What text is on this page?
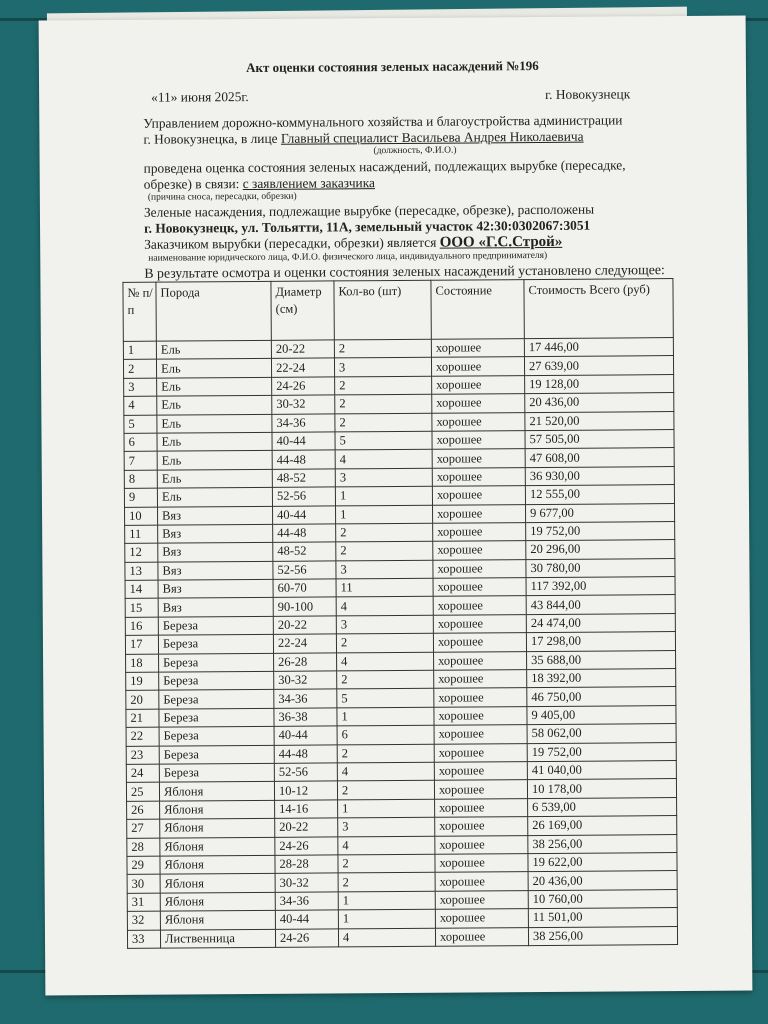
Акт оценки состояния зеленых насаждений №196
«11» июня 2025г.	г. Новокузнецк
Управлением дорожно-коммунального хозяйства и благоустройства администрации
г. Новокузнецка, в лице Главный специалист Васильева Андрея Николаевича
(должность, Ф.И.О.)
проведена оценка состояния зеленых насаждений, подлежащих вырубке (пересадке,
обрезке) в связи: с заявлением заказчика
(причина сноса, пересадки, обрезки)
Зеленые насаждения, подлежащие вырубке (пересадке, обрезке), расположены
г. Новокузнецк, ул. Тольятти, 11А, земельный участок 42:30:0302067:3051
Заказчиком вырубки (пересадки, обрезки) является ООО «Г.С.Строй»
наименование юридического лица, Ф.И.О. физического лица, индивидуального предпринимателя)
В результате осмотра и оценки состояния зеленых насаждений установлено следующее:
№ п/п	Порода	Диаметр (см)	Кол-во (шт)	Состояние	Стоимость Всего (руб)
1	Ель	20-22	2	хорошее	17 446,00
2	Ель	22-24	3	хорошее	27 639,00
3	Ель	24-26	2	хорошее	19 128,00
4	Ель	30-32	2	хорошее	20 436,00
5	Ель	34-36	2	хорошее	21 520,00
6	Ель	40-44	5	хорошее	57 505,00
7	Ель	44-48	4	хорошее	47 608,00
8	Ель	48-52	3	хорошее	36 930,00
9	Ель	52-56	1	хорошее	12 555,00
10	Вяз	40-44	1	хорошее	9 677,00
11	Вяз	44-48	2	хорошее	19 752,00
12	Вяз	48-52	2	хорошее	20 296,00
13	Вяз	52-56	3	хорошее	30 780,00
14	Вяз	60-70	11	хорошее	117 392,00
15	Вяз	90-100	4	хорошее	43 844,00
16	Береза	20-22	3	хорошее	24 474,00
17	Береза	22-24	2	хорошее	17 298,00
18	Береза	26-28	4	хорошее	35 688,00
19	Береза	30-32	2	хорошее	18 392,00
20	Береза	34-36	5	хорошее	46 750,00
21	Береза	36-38	1	хорошее	9 405,00
22	Береза	40-44	6	хорошее	58 062,00
23	Береза	44-48	2	хорошее	19 752,00
24	Береза	52-56	4	хорошее	41 040,00
25	Яблоня	10-12	2	хорошее	10 178,00
26	Яблоня	14-16	1	хорошее	6 539,00
27	Яблоня	20-22	3	хорошее	26 169,00
28	Яблоня	24-26	4	хорошее	38 256,00
29	Яблоня	28-28	2	хорошее	19 622,00
30	Яблоня	30-32	2	хорошее	20 436,00
31	Яблоня	34-36	1	хорошее	10 760,00
32	Яблоня	40-44	1	хорошее	11 501,00
33	Лиственница	24-26	4	хорошее	38 256,00
